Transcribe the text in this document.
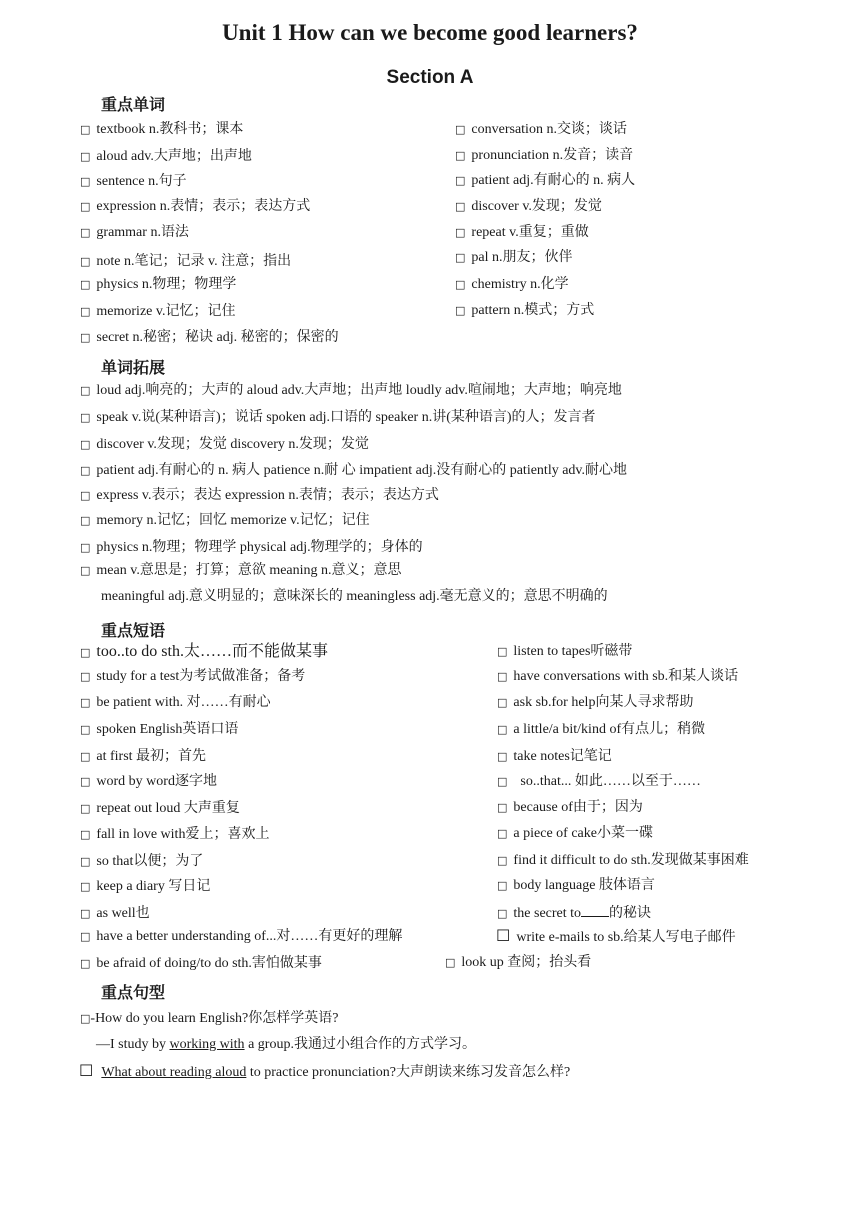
Unit 1 How can we become good learners?
Section A
重点单词
□ textbook n.教科书；课本	□ conversation n.交谈；谈话
□ aloud adv.大声地；出声地	□ pronunciation n.发音；读音
□ sentence n.句子	□ patient adj.有耐心的 n. 病人
□ expression n.表情；表示；表达方式	□ discover v.发现；发觉
□ grammar n.语法	□ repeat v.重复；重做
□ note n.笔记；记录 v. 注意；指出	□ pal n.朋友；伙伴
□ physics n.物理；物理学	□ chemistry n.化学
□ memorize v.记忆；记住	□ pattern n.模式；方式
□ secret n.秘密；秘诀 adj. 秘密的；保密的
单词拓展
□ loud adj.响亮的；大声的 aloud adv.大声地；出声地 loudly adv.喧闹地；大声地；响亮地
□ speak v.说(某种语言)；说话 spoken adj.口语的 speaker n.讲(某种语言)的人；发言者
□ discover v.发现；发觉 discovery n.发现；发觉
□ patient adj.有耐心的 n. 病人 patience n.耐 心 impatient adj.没有耐心的 patiently adv.耐心地
□ express v.表示；表达 expression n.表情；表示；表达方式
□ memory n.记忆；回忆 memorize v.记忆；记住
□ physics n.物理；物理学 physical adj.物理学的；身体的
□ mean v.意思是；打算；意欲 meaning n.意义；意思
meaningful adj.意义明显的；意味深长的 meaningless adj.毫无意义的；意思不明确的
重点短语
□ too..to do sth.太……而不能做某事	□ listen to tapes听磁带
□ study for a test为考试做准备；备考	□ have conversations with sb.和某人谈话
□ be patient with. 对……有耐心	□ ask sb.for help向某人寻求帮助
□ spoken English英语口语	□ a little/a bit/kind of有点儿；稍微
□ at first 最初；首先	□ take notes记笔记
□ word by word逐字地	□  so..that... 如此……以至于……
□ repeat out loud 大声重复	□ because of由于；因为
□ fall in love with爱上；喜欢上	□ a piece of cake小菜一碟
□ so that以便；为了	□ find it difficult to do sth.发现做某事困难
□ keep a diary 写日记	□ body language 肢体语言
□ as well也	□ the secret to 的秘诀
□ have a better understanding of...对……有更好的理解	☐ write e-mails to sb.给某人写电子邮件
□ be afraid of doing/to do sth.害怕做某事	□ look up 查阅；抬头看
重点句型
□-How do you learn English?你怎样学英语?
—I study by working with a group.我通过小组合作的方式学习。
☐ What about reading aloud to practice pronunciation?大声朗读来练习发音怎么样?
